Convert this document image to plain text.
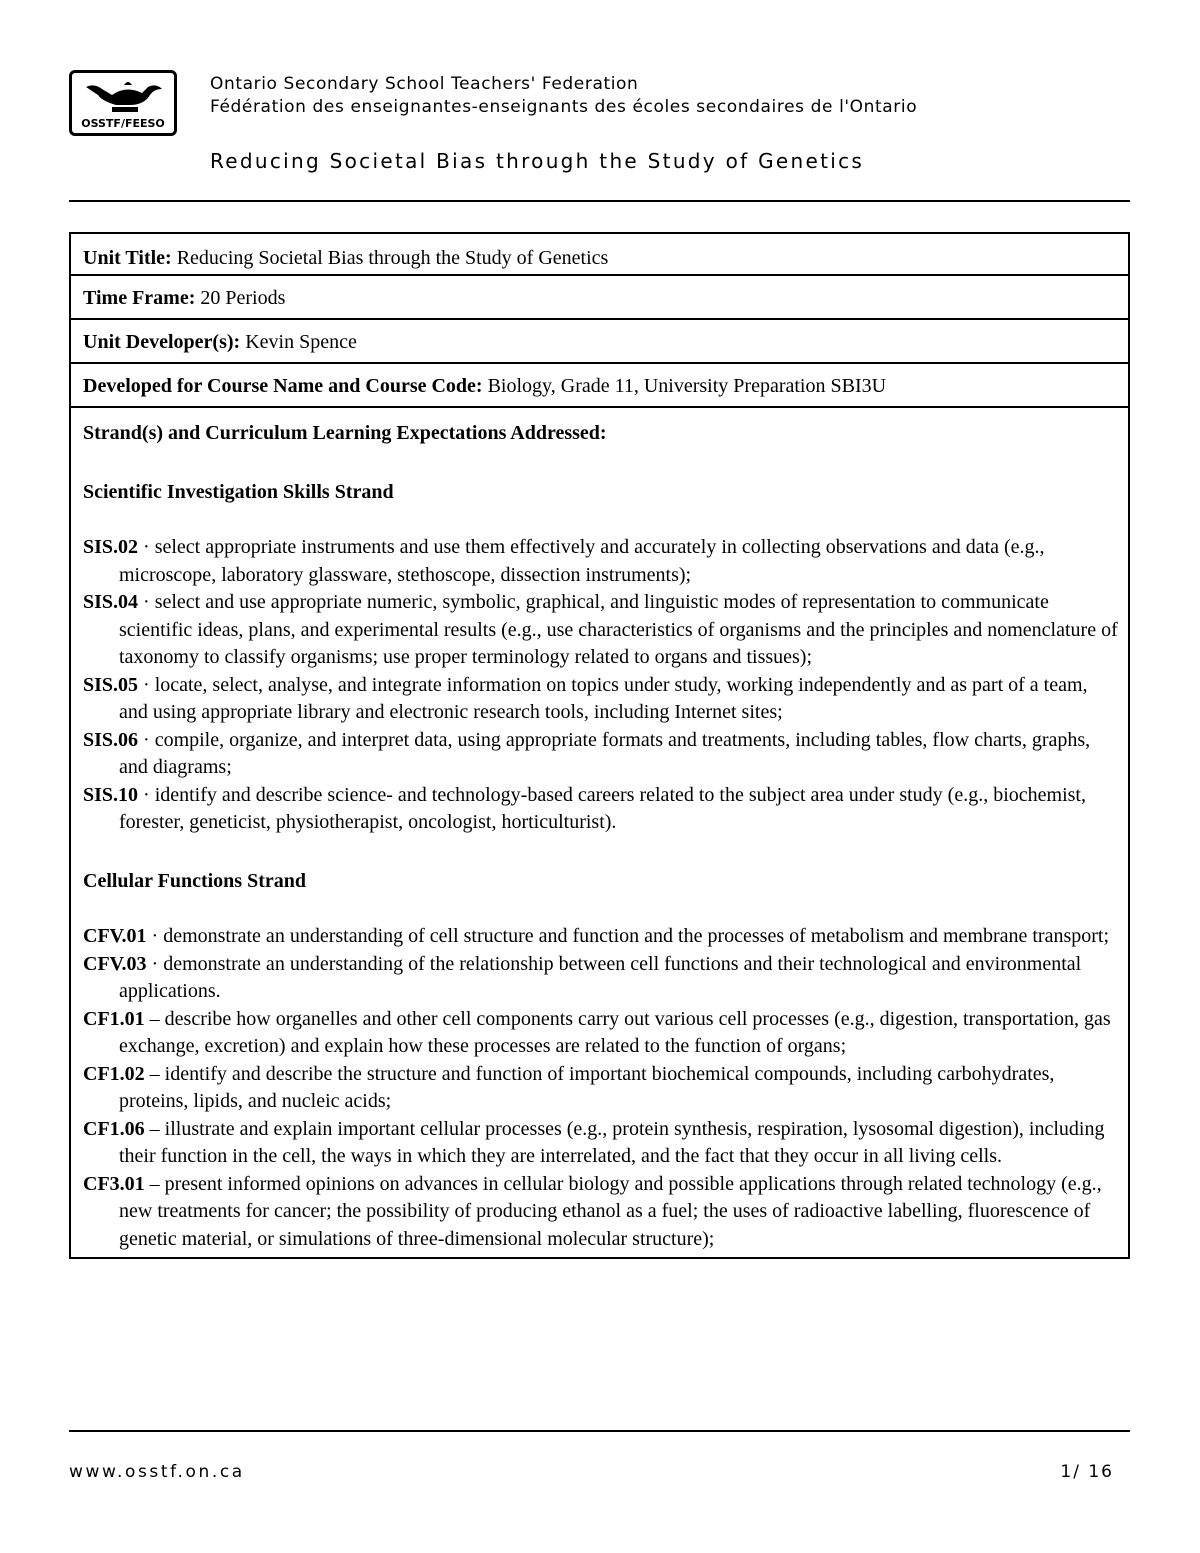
OSSTF/FEESO
Ontario Secondary School Teachers' Federation
Fédération des enseignantes-enseignants des écoles secondaires de l'Ontario
Reducing Societal Bias through the Study of Genetics
Unit Title: Reducing Societal Bias through the Study of Genetics
Time Frame: 20 Periods
Unit Developer(s): Kevin Spence
Developed for Course Name and Course Code: Biology, Grade 11, University Preparation SBI3U

Strand(s) and Curriculum Learning Expectations Addressed:

Scientific Investigation Skills Strand

SIS.02 · select appropriate instruments and use them effectively and accurately in collecting observations and data (e.g., microscope, laboratory glassware, stethoscope, dissection instruments);

SIS.04 · select and use appropriate numeric, symbolic, graphical, and linguistic modes of representation to communicate scientific ideas, plans, and experimental results (e.g., use characteristics of organisms and the principles and nomenclature of taxonomy to classify organisms; use proper terminology related to organs and tissues);

SIS.05 · locate, select, analyse, and integrate information on topics under study, working independently and as part of a team, and using appropriate library and electronic research tools, including Internet sites;

SIS.06 · compile, organize, and interpret data, using appropriate formats and treatments, including tables, flow charts, graphs, and diagrams;

SIS.10 · identify and describe science- and technology-based careers related to the subject area under study (e.g., biochemist, forester, geneticist, physiotherapist, oncologist, horticulturist).

Cellular Functions Strand

CFV.01 · demonstrate an understanding of cell structure and function and the processes of metabolism and membrane transport;

CFV.03 · demonstrate an understanding of the relationship between cell functions and their technological and environmental applications.

CF1.01 – describe how organelles and other cell components carry out various cell processes (e.g., digestion, transportation, gas exchange, excretion) and explain how these processes are related to the function of organs;

CF1.02 – identify and describe the structure and function of important biochemical compounds, including carbohydrates, proteins, lipids, and nucleic acids;

CF1.06 – illustrate and explain important cellular processes (e.g., protein synthesis, respiration, lysosomal digestion), including their function in the cell, the ways in which they are interrelated, and the fact that they occur in all living cells.

CF3.01 – present informed opinions on advances in cellular biology and possible applications through related technology (e.g., new treatments for cancer; the possibility of producing ethanol as a fuel; the uses of radioactive labelling, fluorescence of genetic material, or simulations of three-dimensional molecular structure);

www.osstf.on.ca	1/ 16
